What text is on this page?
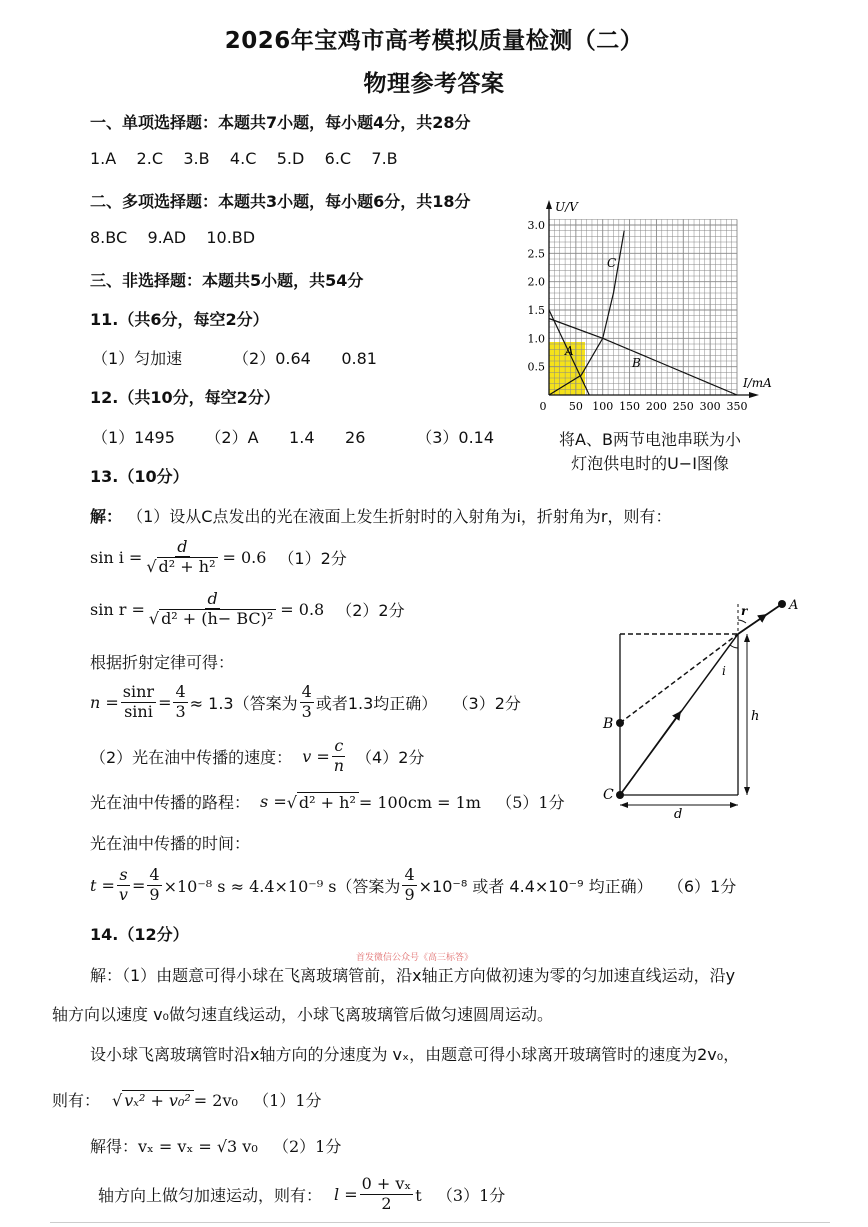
2026年宝鸡市高考模拟质量检测（二）
物理参考答案
一、单项选择题：本题共7小题，每小题4分，共28分
1.A    2.C    3.B    4.C    5.D    6.C    7.B
二、多项选择题：本题共3小题，每小题6分，共18分
8.BC    9.AD    10.BD
三、非选择题：本题共5小题，共54分
11.（共6分，每空2分）
（1）匀加速          （2）0.64      0.81
12.（共10分，每空2分）
（1）1495      （2）A      1.4      26          （3）0.14
U/V
I/mA
3.0
2.5
2.0
1.5
1.0
0.5
0 50 100 150 200 250 300 350
C
A
B
将A、B两节电池串联为小
灯泡供电时的U−I图像
13.（10分）
解： （1）设从C点发出的光在液面上发生折射时的入射角为i，折射角为r，则有：
$\sin i = \frac{d}{\text{√ d² + h²}} = 0.6$ （1）2分
$\sin r = \frac{d}{\text{√ d² + (h− BC)²}} = 0.8$ （2）2分
根据折射定律可得：
$n = \frac{\sin r}{\sin i} = \frac{4}{3} \approx 1.3$（答案为 $\frac{4}{3}$ 或者1.3均正确）   （3）2分
（2）光在油中传播的速度： $v = \frac{c}{n} (4)2$分
光在油中传播的路程： s = √ d² + h² = 100cm = 1m   （5）1分
光在油中传播的时间：
$t = \frac{s}{v} = \frac{4}{9} \times 10^{-8}$ s ≈ 4.4×10⁻⁹ s（答案为 $\frac{4}{9} \times 10^{-8}$ 或者 4.4×10⁻⁹ 均正确）   （6）1分
A
B
C
r
i
h
d
14.（12分）
首发微信公众号《高三标答》
解：（1）由题意可得小球在飞离玻璃管前，沿x轴正方向做初速为零的匀加速直线运动，沿y
轴方向以速度 v₀做匀速直线运动，小球飞离玻璃管后做匀速圆周运动。
设小球飞离玻璃管时沿x轴方向的分速度为 vₓ，由题意可得小球离开玻璃管时的速度为2v₀，
则有： √ vₓ² + v₀² = 2v₀   （1）1分
解得： vₓ = vₓ = √3 v₀   （2）1分
轴方向上做匀加速运动，则有： $l = \frac{\text{0 + vₓ}}{2}$ t   （3）1分
